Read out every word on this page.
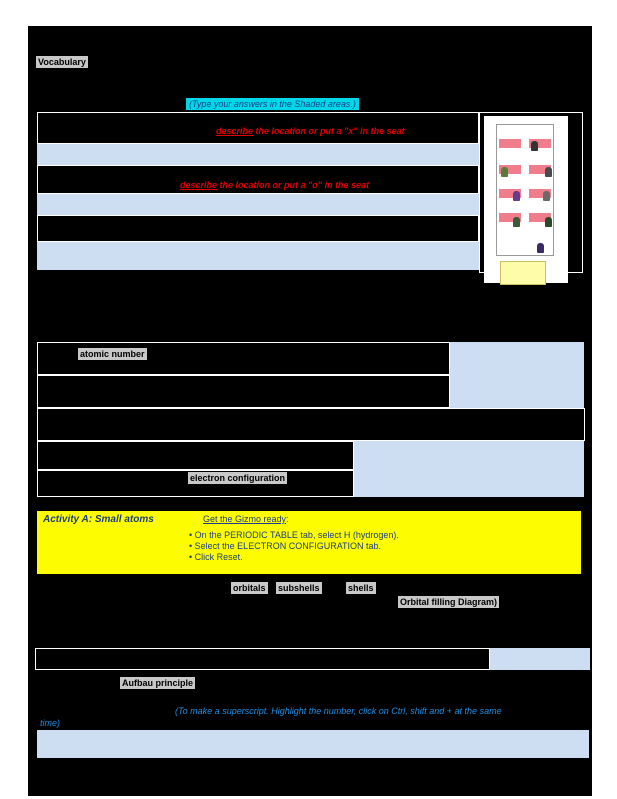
Vocabulary
(Type your answers in the Shaded areas.)
describe the location or put a "x" in the seat
describe the location or put a "o" in the seat
atomic number
electron configuration
Activity A: Small atoms	Get the Gizmo ready:
• On the PERIODIC TABLE tab, select H (hydrogen).
• Select the ELECTRON CONFIGURATION tab.
• Click Reset.
orbitals subshells	shells
Orbital filling Diagram)
Aufbau principle
(To make a superscript. Highlight the number, click on Ctrl, shift and + at the same
time)
